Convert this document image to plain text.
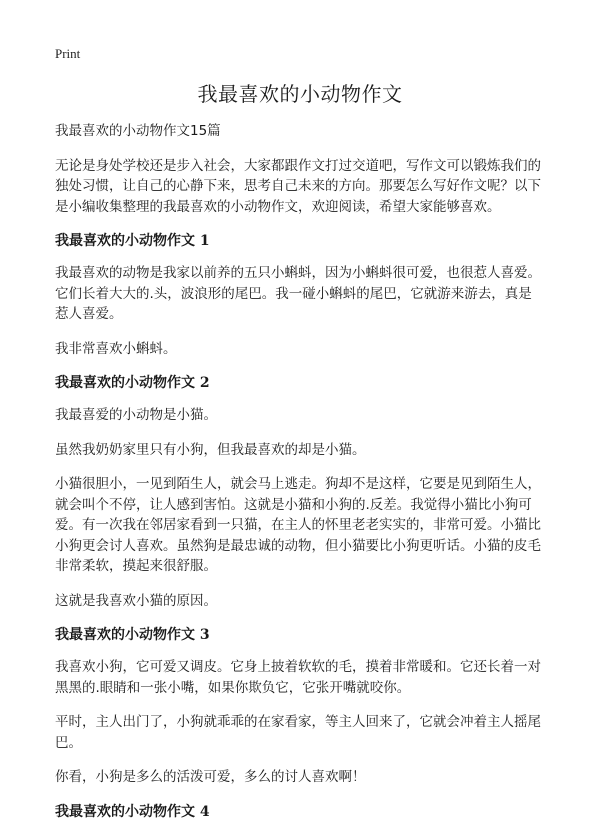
Print
我最喜欢的小动物作文

我最喜欢的小动物作文15篇

无论是身处学校还是步入社会，大家都跟作文打过交道吧，写作文可以锻炼我们的独处习惯，让自己的心静下来，思考自己未来的方向。那要怎么写好作文呢？以下是小编收集整理的我最喜欢的小动物作文，欢迎阅读，希望大家能够喜欢。

我最喜欢的小动物作文 1

我最喜欢的动物是我家以前养的五只小蝌蚪，因为小蝌蚪很可爱，也很惹人喜爱。它们长着大大的.头，波浪形的尾巴。我一碰小蝌蚪的尾巴，它就游来游去，真是惹人喜爱。

我非常喜欢小蝌蚪。

我最喜欢的小动物作文 2

我最喜爱的小动物是小猫。

虽然我奶奶家里只有小狗，但我最喜欢的却是小猫。

小猫很胆小，一见到陌生人，就会马上逃走。狗却不是这样，它要是见到陌生人，就会叫个不停，让人感到害怕。这就是小猫和小狗的.反差。我觉得小猫比小狗可爱。有一次我在邻居家看到一只猫，在主人的怀里老老实实的，非常可爱。小猫比小狗更会讨人喜欢。虽然狗是最忠诚的动物，但小猫要比小狗更听话。小猫的皮毛非常柔软，摸起来很舒服。

这就是我喜欢小猫的原因。

我最喜欢的小动物作文 3

我喜欢小狗，它可爱又调皮。它身上披着软软的毛，摸着非常暖和。它还长着一对黑黑的.眼睛和一张小嘴，如果你欺负它，它张开嘴就咬你。

平时，主人出门了，小狗就乖乖的在家看家，等主人回来了，它就会冲着主人摇尾巴。

你看，小狗是多么的活泼可爱，多么的讨人喜欢啊！

我最喜欢的小动物作文 4
